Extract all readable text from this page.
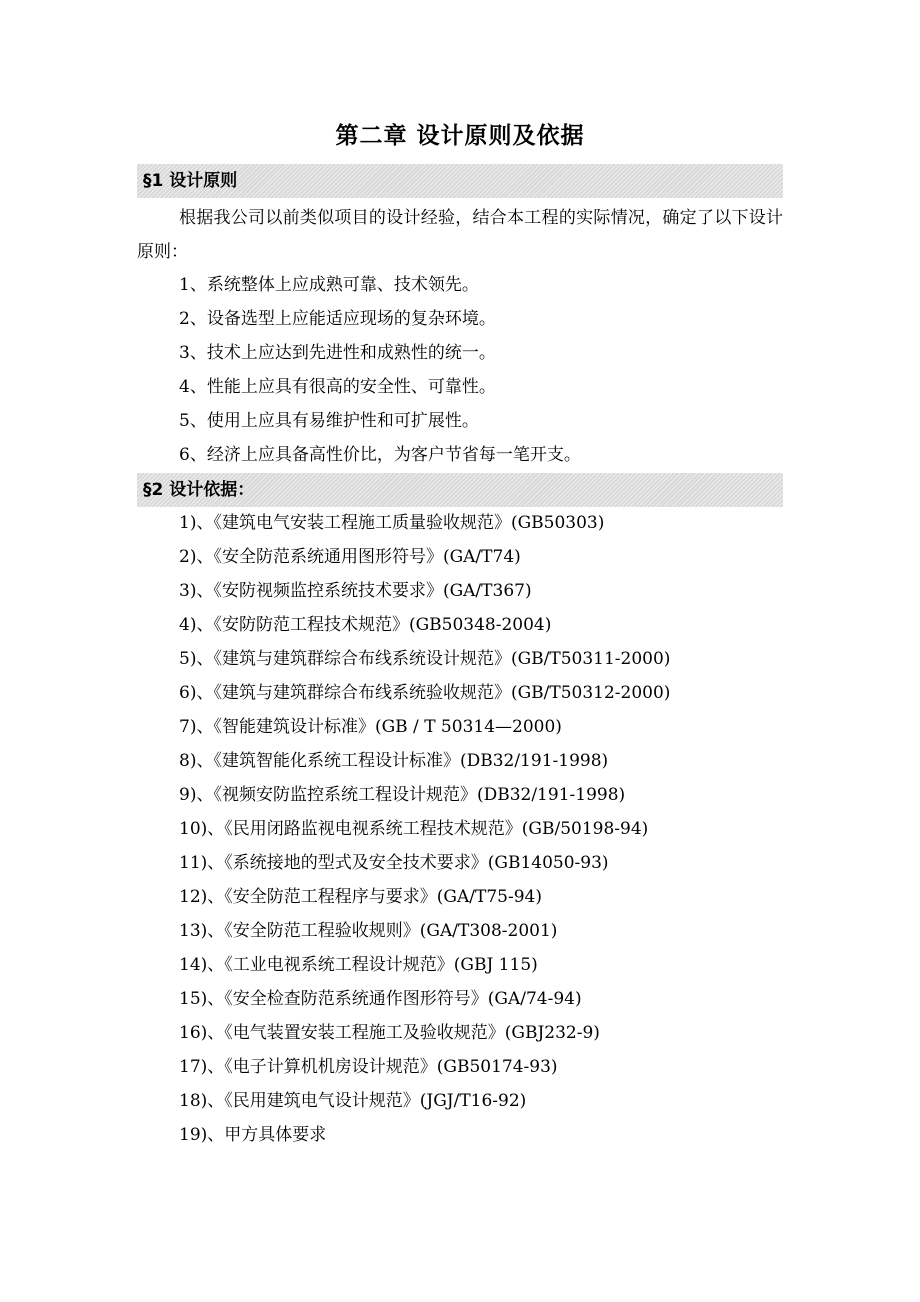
第二章 设计原则及依据
§1 设计原则

根据我公司以前类似项目的设计经验，结合本工程的实际情况，确定了以下设计原则：

1、系统整体上应成熟可靠、技术领先。
2、设备选型上应能适应现场的复杂环境。
3、技术上应达到先进性和成熟性的统一。
4、性能上应具有很高的安全性、可靠性。
5、使用上应具有易维护性和可扩展性。
6、经济上应具备高性价比，为客户节省每一笔开支。
§2 设计依据：
1)、《建筑电气安装工程施工质量验收规范》(GB50303)
2)、《安全防范系统通用图形符号》(GA/T74)
3)、《安防视频监控系统技术要求》(GA/T367)
4)、《安防防范工程技术规范》(GB50348-2004)
5)、《建筑与建筑群综合布线系统设计规范》(GB/T50311-2000)
6)、《建筑与建筑群综合布线系统验收规范》(GB/T50312-2000)
7)、《智能建筑设计标准》(GB / T 50314—2000)
8)、《建筑智能化系统工程设计标准》(DB32/191-1998)
9)、《视频安防监控系统工程设计规范》(DB32/191-1998)
10)、《民用闭路监视电视系统工程技术规范》(GB/50198-94)
11)、《系统接地的型式及安全技术要求》(GB14050-93)
12)、《安全防范工程程序与要求》(GA/T75-94)
13)、《安全防范工程验收规则》(GA/T308-2001)
14)、《工业电视系统工程设计规范》(GBJ 115)
15)、《安全检查防范系统通作图形符号》(GA/74-94)
16)、《电气装置安装工程施工及验收规范》(GBJ232-9)
17)、《电子计算机机房设计规范》(GB50174-93)
18)、《民用建筑电气设计规范》(JGJ/T16-92)
19)、甲方具体要求
